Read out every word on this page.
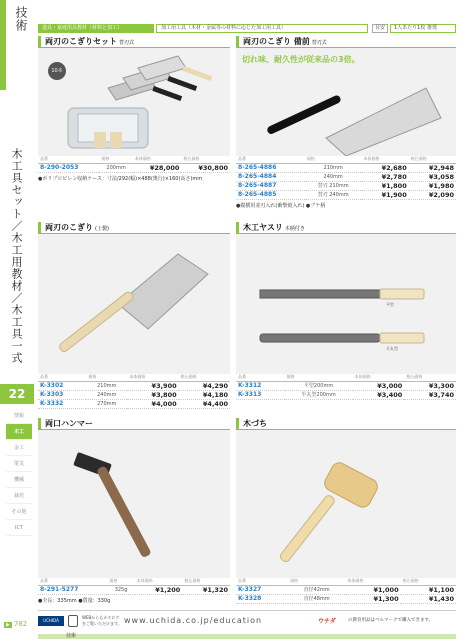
技術
木工具セット／木工用教材／木工具一式
22
情報
木工
金工
電気
機械
栽培
その他
ICT
▶ 782
道具・家庭用具教材（材料と加工）	加工用工具（木材・金属等の材料に応じた加工用工具）	目安	1人あたり1枚 推奨
両刃のこぎりセット 替刃式
10本
品番	規格	本体価格	税込価格
8-290-2053	200mm	¥28,000	¥30,800
●ポリプロピレン収納ケース：寸法/292(幅)×488(奥行)×160(高さ)mm
両刃のこぎり 備前 替刃式
切れ味、耐久性が従来品の3倍。
品番	規格	本体価格	税込価格
8-265-4886	210mm	¥2,680	¥2,948
8-265-4884	240mm	¥2,780	¥3,058
8-265-4887	替刃 210mm	¥1,800	¥1,980
8-265-4885	替刃 240mm	¥1,900	¥2,090
●縦横用並刃入れ(衝撃焼入れ) ●ブナ柄
両刃のこぎり (上製)
品番	規格	本体価格	税込価格
K-3302	210mm	¥3,900	¥4,290
K-3303	240mm	¥3,800	¥4,180
K-3332	270mm	¥4,000	¥4,400
木工ヤスリ 木柄付き
平型
半丸型
品番	規格	本体価格	税込価格
K-3312	平型200mm	¥3,000	¥3,300
K-3313	半丸型200mm	¥3,400	¥3,740
両口ハンマー
品番	規格	本体価格	税込価格
8-291-5277	325g	¥1,200	¥1,320
●全長：335mm ●質量：330g
木づち
品番	規格	本体価格	税込価格
K-3327	直径42mm	¥1,000	¥1,100
K-3328	直径48mm	¥1,300	¥1,430
UCHIDA
WEBからもカタログをご覧いただけます。 www.uchida.co.jp/education	ウチダ	の教育用品はベルマークで購入できます。
技術
